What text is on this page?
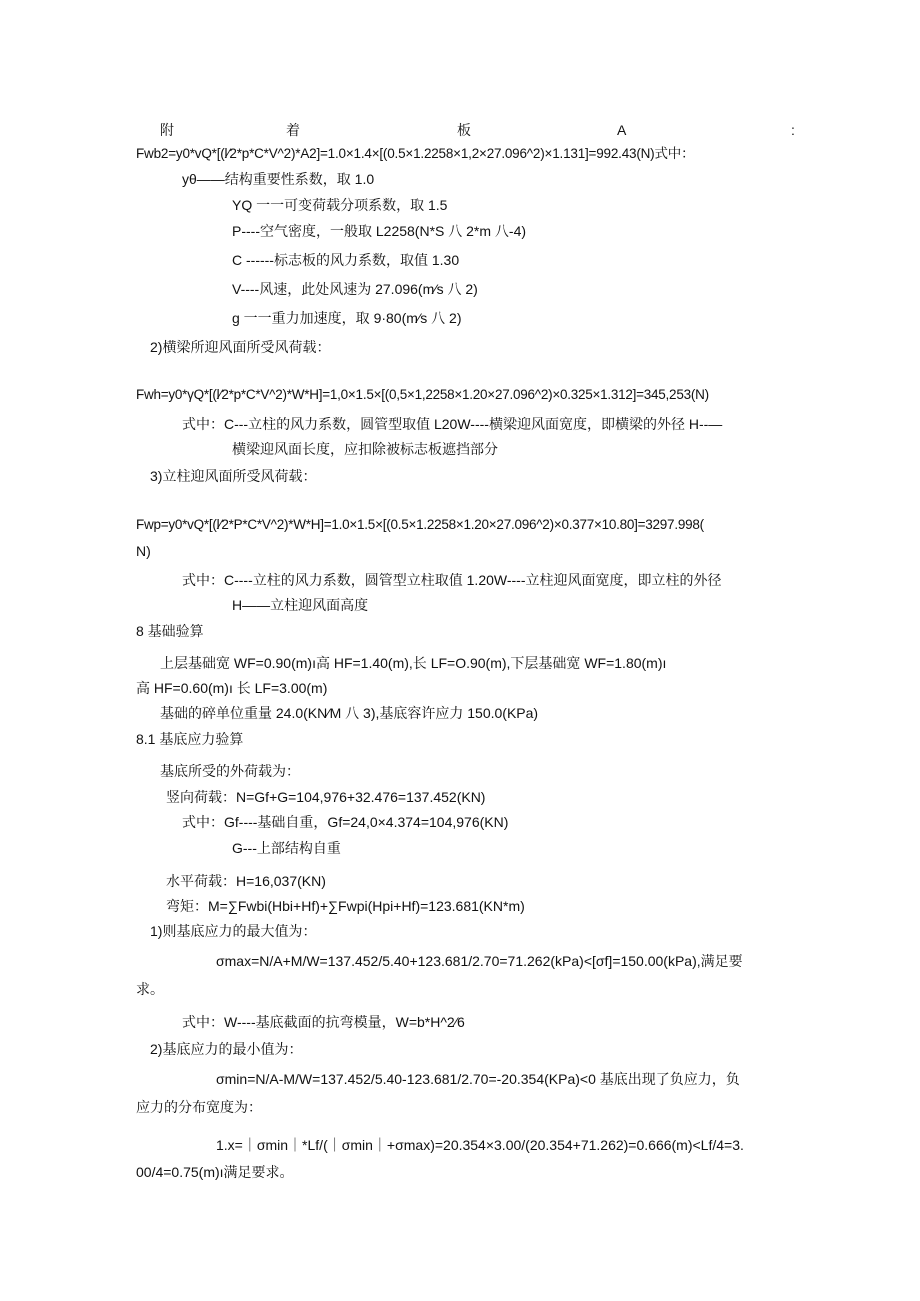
附	着	板	A	:
Fwb2=y0*vQ*[(l⁄2*p*C*V^2)*A2]=1.0×1.4×[(0.5×1.2258×1,2×27.096^2)×1.131]=992.43(N)式中：
yθ——结构重要性系数，取 1.0
YQ 一一可变荷载分项系数，取 1.5
P----空气密度，一般取 L2258(N*S 八 2*m 八-4)
C ------标志板的风力系数，取值 1.30
V----风速，此处风速为 27.096(m⁄s 八 2)
g 一一重力加速度，取 9·80(m⁄s 八 2)
2)横梁所迎风面所受风荷载：
Fwh=y0*γQ*[(l⁄2*p*C*V^2)*W*H]=1,0×1.5×[(0,5×1,2258×1.20×27.096^2)×0.325×1.312]=345,253(N)
式中：C---立柱的风力系数，圆管型取值 L20W----横梁迎风面宽度，即横梁的外径 H--—
横梁迎风面长度，应扣除被标志板遮挡部分
3)立柱迎风面所受风荷载：
Fwp=y0*vQ*[(l⁄2*P*C*V^2)*W*H]=1.0×1.5×[(0.5×1.2258×1.20×27.096^2)×0.377×10.80]=3297.998(
N)
式中：C----立柱的风力系数，圆管型立柱取值 1.20W----立柱迎风面宽度，即立柱的外径
H——立柱迎风面高度
8 基础验算
上层基础宽 WF=0.90(m)ı高 HF=1.40(m),长 LF=O.90(m),下层基础宽 WF=1.80(m)ı
高 HF=0.60(m)ı 长 LF=3.00(m)
基础的碎单位重量 24.0(KN⁄M 八 3),基底容许应力 150.0(KPa)
8.1 基底应力验算
基底所受的外荷载为：
竖向荷载：N=Gf+G=104,976+32.476=137.452(KN)
式中：Gf----基础自重，Gf=24,0×4.374=104,976(KN)
G---上部结构自重
水平荷载：H=16,037(KN)
弯矩：M=∑Fwbi(Hbi+Hf)+∑Fwpi(Hpi+Hf)=123.681(KN*m)
1)则基底应力的最大值为：
σmax=N/A+M/W=137.452/5.40+123.681/2.70=71.262(kPa)<[σf]=150.00(kPa),满足要
求。
式中：W----基底截面的抗弯模量，W=b*H^2⁄6
2)基底应力的最小值为：
σmin=N/A-M/W=137.452/5.40-123.681/2.70=-20.354(KPa)<0 基底出现了负应力，负
应力的分布宽度为：
1.x=｜σmin｜*Lf/(｜σmin｜+σmax)=20.354×3.00/(20.354+71.262)=0.666(m)<Lf/4=3.
00/4=0.75(m)ı满足要求。
